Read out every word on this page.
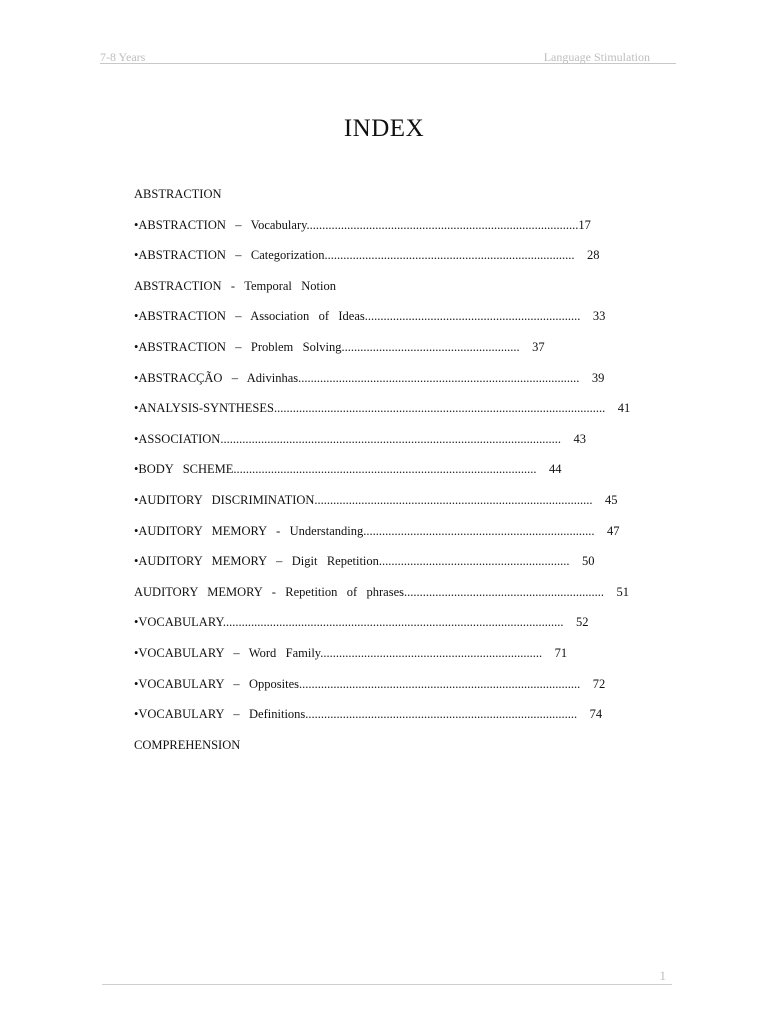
7-8 Years	Language Stimulation
INDEX
ABSTRACTION
•ABSTRACTION   –   Vocabulary.......................................................................................17
•ABSTRACTION   –   Categorization................................................................................    28
ABSTRACTION   -   Temporal   Notion
•ABSTRACTION   –   Association   of   Ideas.....................................................................    33
•ABSTRACTION   –   Problem   Solving.........................................................    37
•ABSTRACÇÃO   –   Adivinhas..........................................................................................    39
•ANALYSIS-SYNTHESES..........................................................................................................    41
•ASSOCIATION.............................................................................................................    43
•BODY   SCHEME.................................................................................................    44
•AUDITORY   DISCRIMINATION.........................................................................................    45
•AUDITORY   MEMORY   -   Understanding..........................................................................    47
•AUDITORY   MEMORY   –   Digit   Repetition.............................................................    50
AUDITORY   MEMORY   -   Repetition   of   phrases................................................................    51
•VOCABULARY.............................................................................................................    52
•VOCABULARY   –   Word   Family.......................................................................    71
•VOCABULARY   –   Opposites..........................................................................................    72
•VOCABULARY   –   Definitions.......................................................................................    74
COMPREHENSION
1
